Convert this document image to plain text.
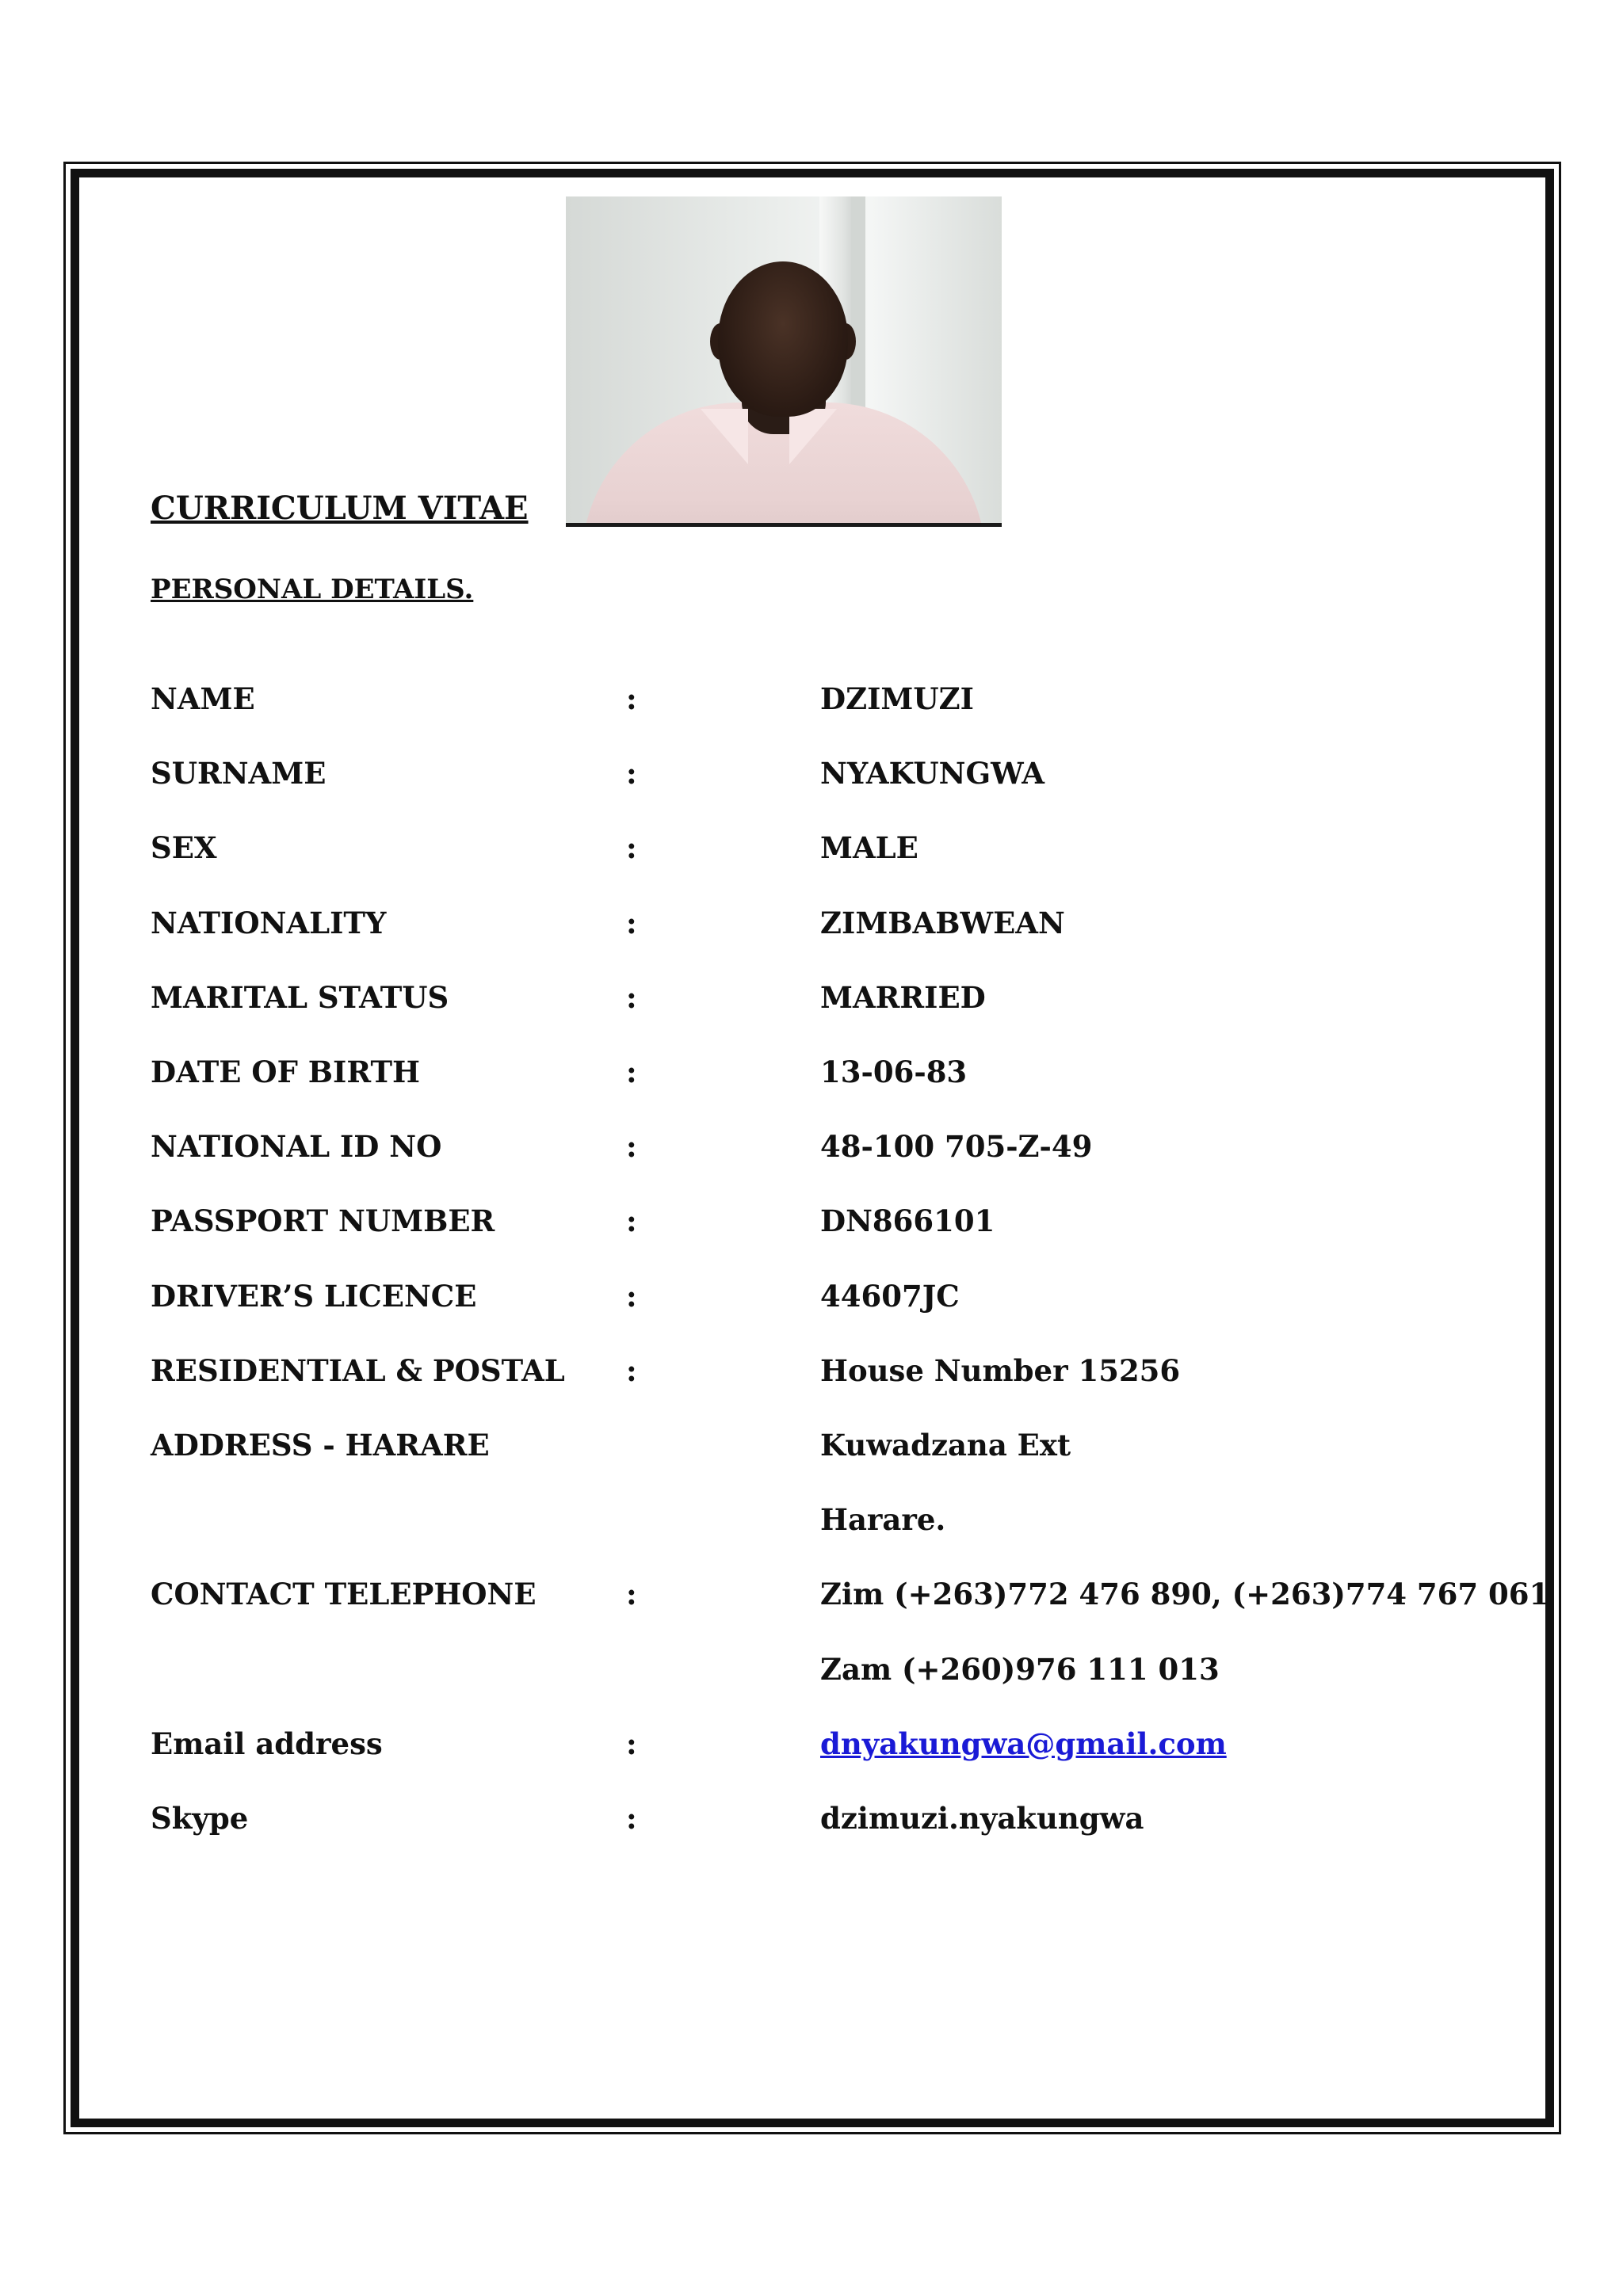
CURRICULUM VITAE
PERSONAL DETAILS.
NAME	:	DZIMUZI
SURNAME	:	NYAKUNGWA
SEX	:	MALE
NATIONALITY	:	ZIMBABWEAN
MARITAL STATUS	:	MARRIED
DATE OF BIRTH	:	13-06-83
NATIONAL ID NO	:	48-100 705-Z-49
PASSPORT NUMBER	:	DN866101
DRIVER’S LICENCE	:	44607JC
RESIDENTIAL & POSTAL :	House Number 15256
ADDRESS - HARARE	Kuwadzana Ext
Harare.
CONTACT TELEPHONE	:	Zim (+263)772 476 890, (+263)774 767 061
Zam (+260)976 111 013
Email address	:	dnyakungwa@gmail.com
Skype	:	dzimuzi.nyakungwa
